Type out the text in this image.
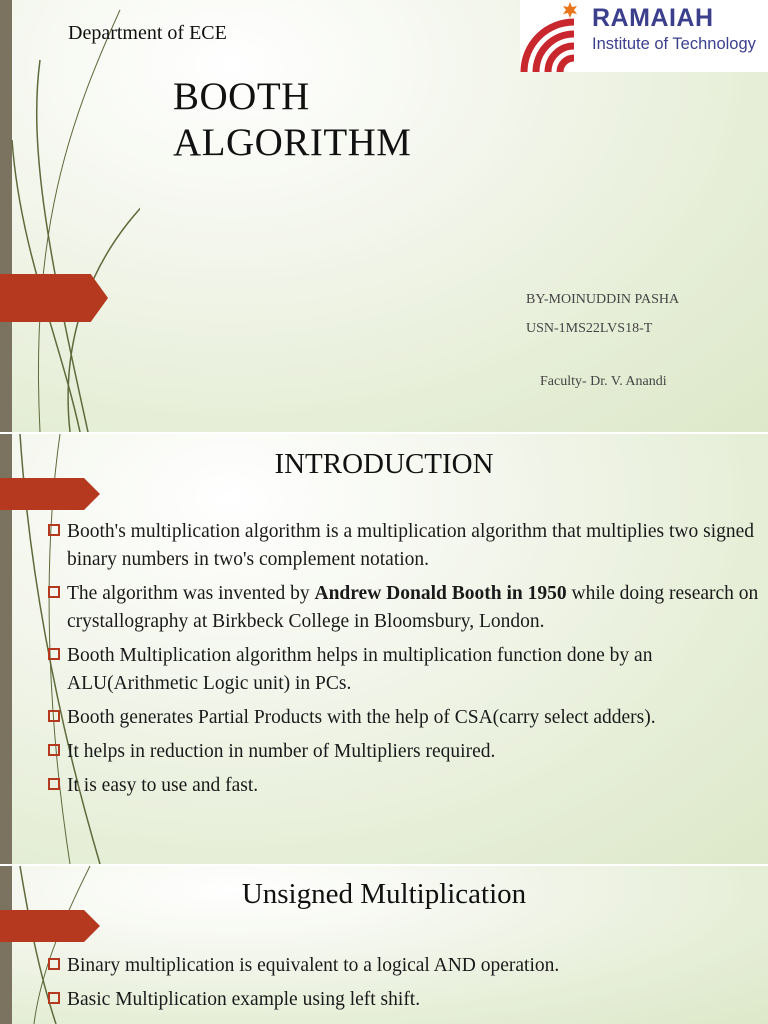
Department of ECE

BOOTH
ALGORITHM

RAMAIAH
Institute of Technology

BY-MOINUDDIN PASHA

USN-1MS22LVS18-T

Faculty- Dr. V. Anandi

INTRODUCTION

Booth's multiplication algorithm is a multiplication algorithm that multiplies two signed binary numbers in two's complement notation.
The algorithm was invented by Andrew Donald Booth in 1950 while doing research on crystallography at Birkbeck College in Bloomsbury, London.
Booth Multiplication algorithm helps in multiplication function done by an ALU(Arithmetic Logic unit) in PCs.
Booth generates Partial Products with the help of CSA(carry select adders).
It helps in reduction in number of Multipliers required.
It is easy to use and fast.

Unsigned Multiplication

Binary multiplication is equivalent to a logical AND operation.
Basic Multiplication example using left shift.
